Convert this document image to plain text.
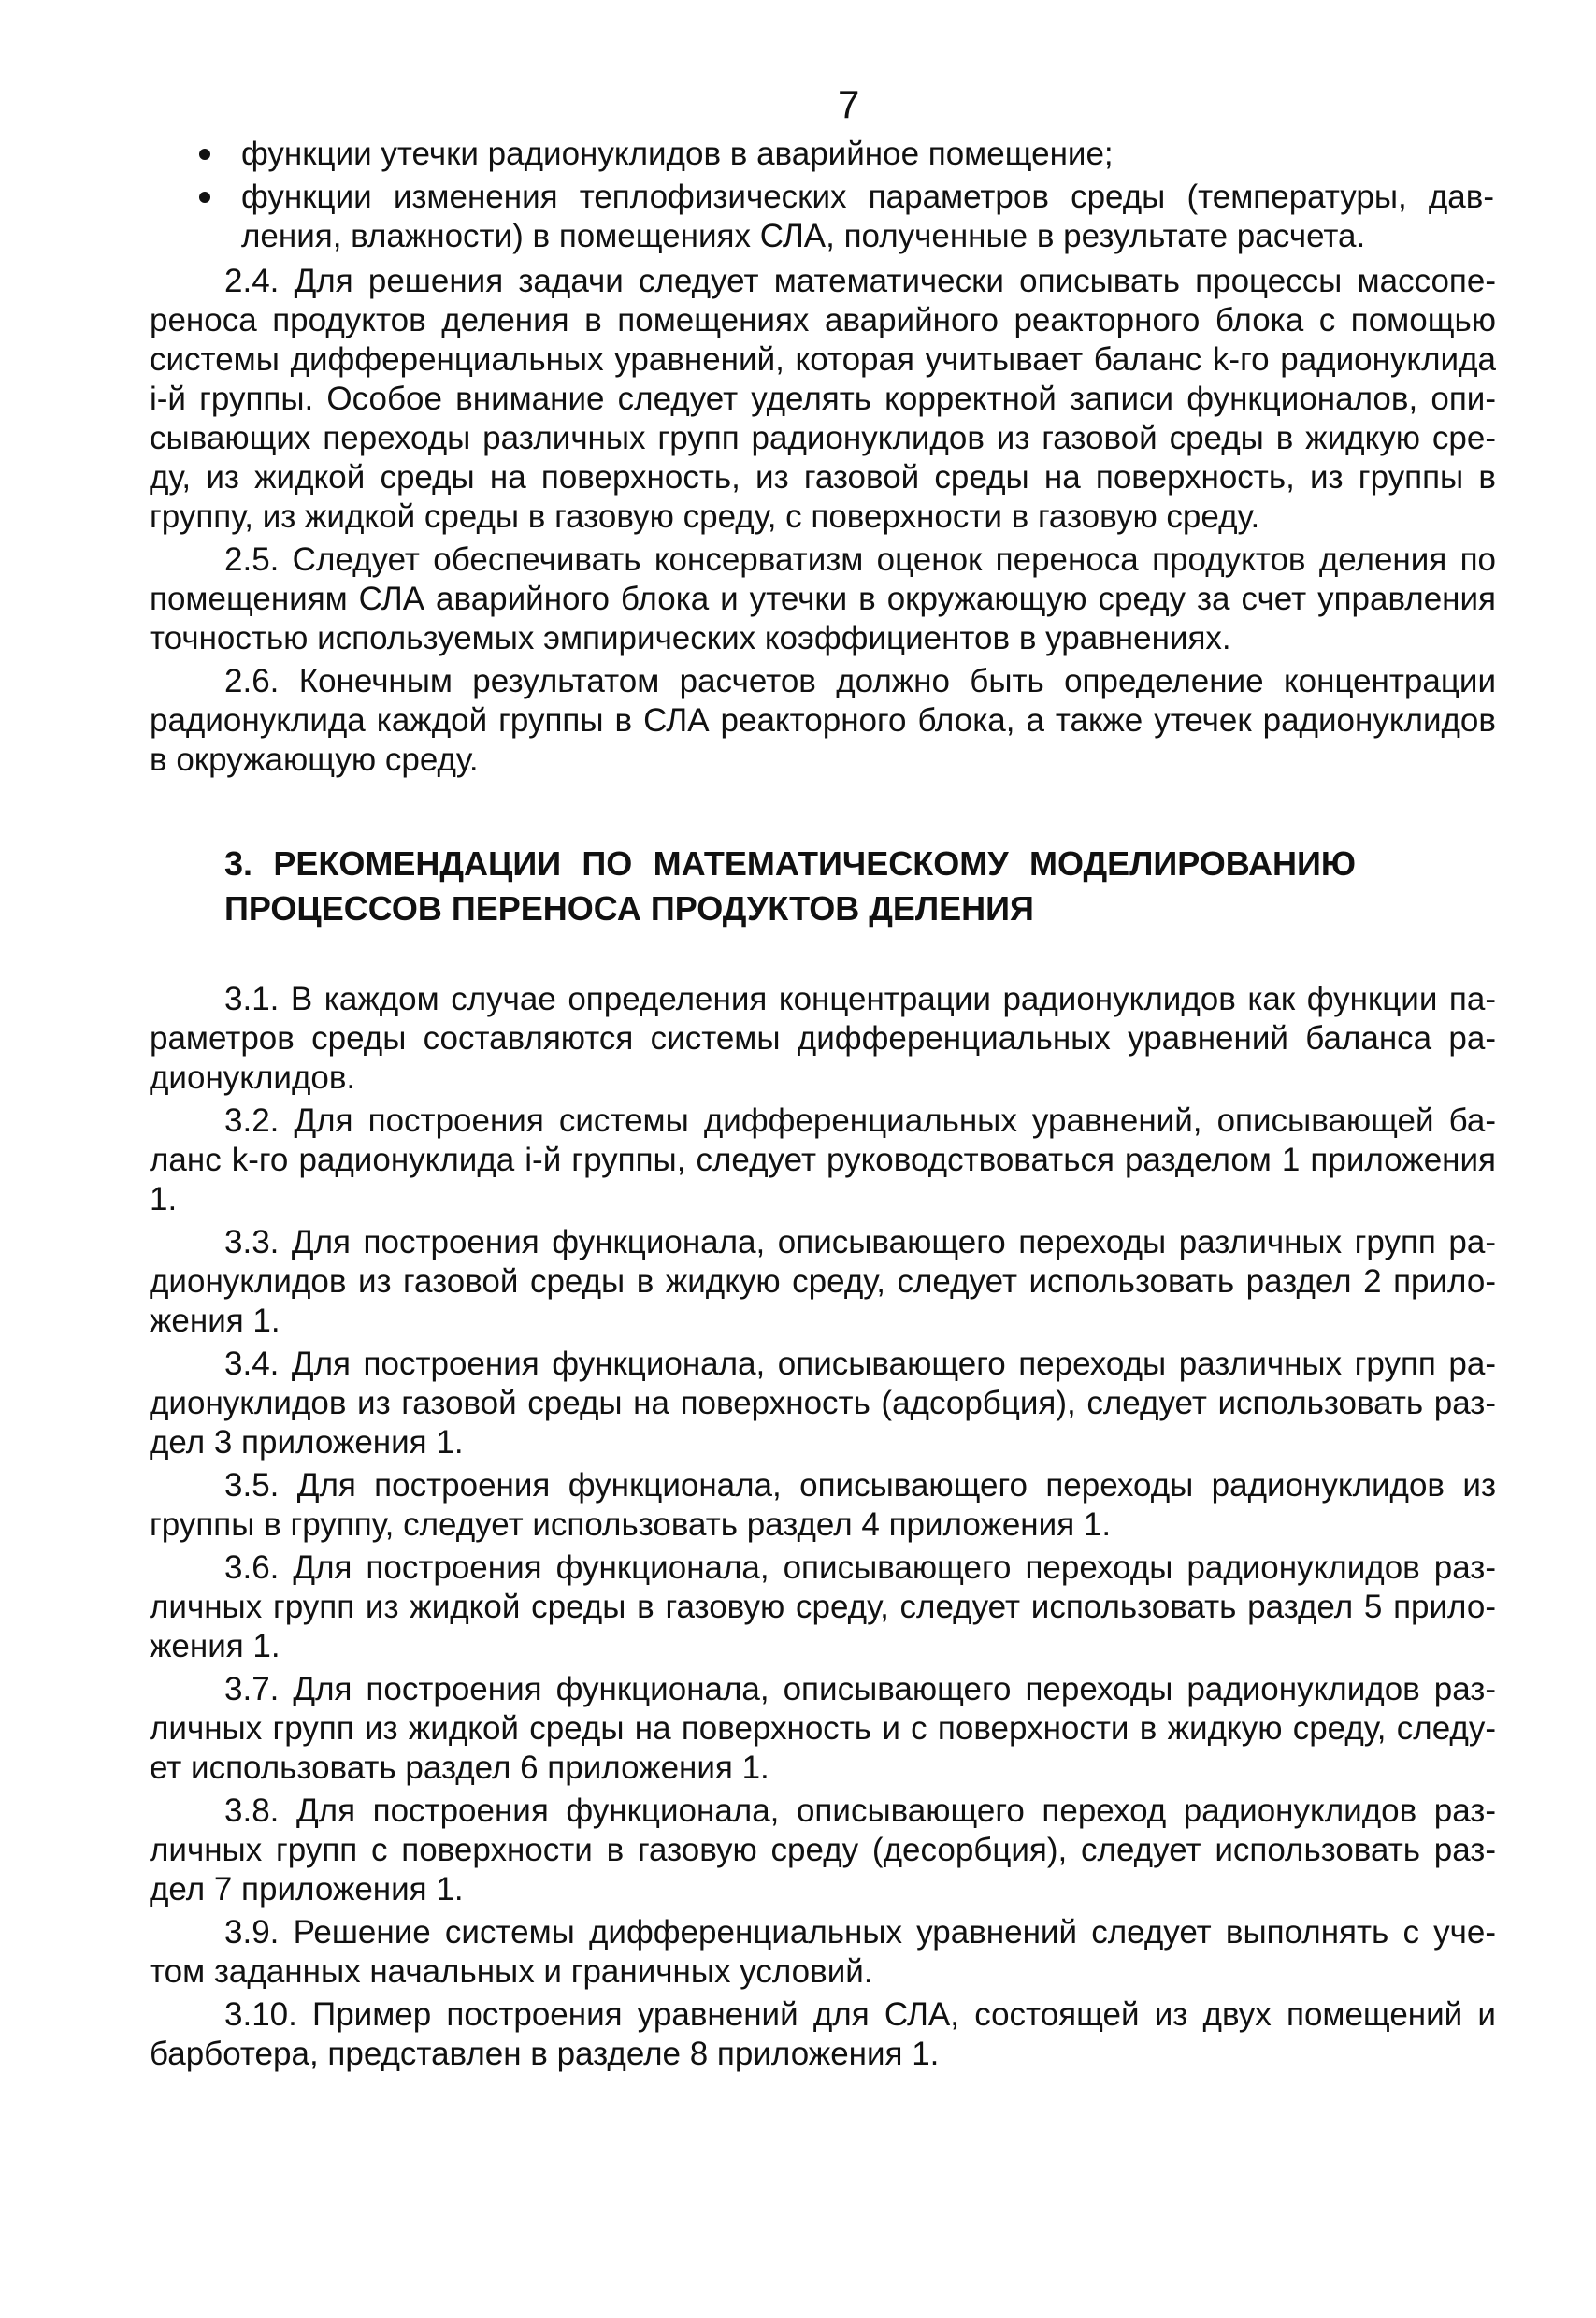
7
функции утечки радионуклидов в аварийное помещение;
функции изменения теплофизических параметров среды (температуры, дав-
ления, влажности) в помещениях СЛА, полученные в результате расчета.
2.4. Для решения задачи следует математически описывать процессы массопе-
реноса продуктов деления в помещениях аварийного реакторного блока с помощью
системы дифференциальных уравнений, которая учитывает баланс k-го радионуклида
i-й группы. Особое внимание следует уделять корректной записи функционалов, опи-
сывающих переходы различных групп радионуклидов из газовой среды в жидкую сре-
ду, из жидкой среды на поверхность, из газовой среды на поверхность, из группы в
группу, из жидкой среды в газовую среду, с поверхности в газовую среду.
2.5. Следует обеспечивать консерватизм оценок переноса продуктов деления по
помещениям СЛА аварийного блока и утечки в окружающую среду за счет управления
точностью используемых эмпирических коэффициентов в уравнениях.
2.6. Конечным результатом расчетов должно быть определение концентрации
радионуклида каждой группы в СЛА реакторного блока, а также утечек радионуклидов
в окружающую среду.
3. РЕКОМЕНДАЦИИ ПО МАТЕМАТИЧЕСКОМУ МОДЕЛИРОВАНИЮ
ПРОЦЕССОВ ПЕРЕНОСА ПРОДУКТОВ ДЕЛЕНИЯ
3.1. В каждом случае определения концентрации радионуклидов как функции па-
раметров среды составляются системы дифференциальных уравнений баланса ра-
дионуклидов.
3.2. Для построения системы дифференциальных уравнений, описывающей ба-
ланс k-го радионуклида i-й группы, следует руководствоваться разделом 1 приложения
1.
3.3. Для построения функционала, описывающего переходы различных групп ра-
дионуклидов из газовой среды в жидкую среду, следует использовать раздел 2 прило-
жения 1.
3.4. Для построения функционала, описывающего переходы различных групп ра-
дионуклидов из газовой среды на поверхность (адсорбция), следует использовать раз-
дел 3 приложения 1.
3.5. Для построения функционала, описывающего переходы радионуклидов из
группы в группу, следует использовать раздел 4 приложения 1.
3.6. Для построения функционала, описывающего переходы радионуклидов раз-
личных групп из жидкой среды в газовую среду, следует использовать раздел 5 прило-
жения 1.
3.7. Для построения функционала, описывающего переходы радионуклидов раз-
личных групп из жидкой среды на поверхность и с поверхности в жидкую среду, следу-
ет использовать раздел 6 приложения 1.
3.8. Для построения функционала, описывающего переход радионуклидов раз-
личных групп с поверхности в газовую среду (десорбция), следует использовать раз-
дел 7 приложения 1.
3.9. Решение системы дифференциальных уравнений следует выполнять с уче-
том заданных начальных и граничных условий.
3.10. Пример построения уравнений для СЛА, состоящей из двух помещений и
барботера, представлен в разделе 8 приложения 1.
